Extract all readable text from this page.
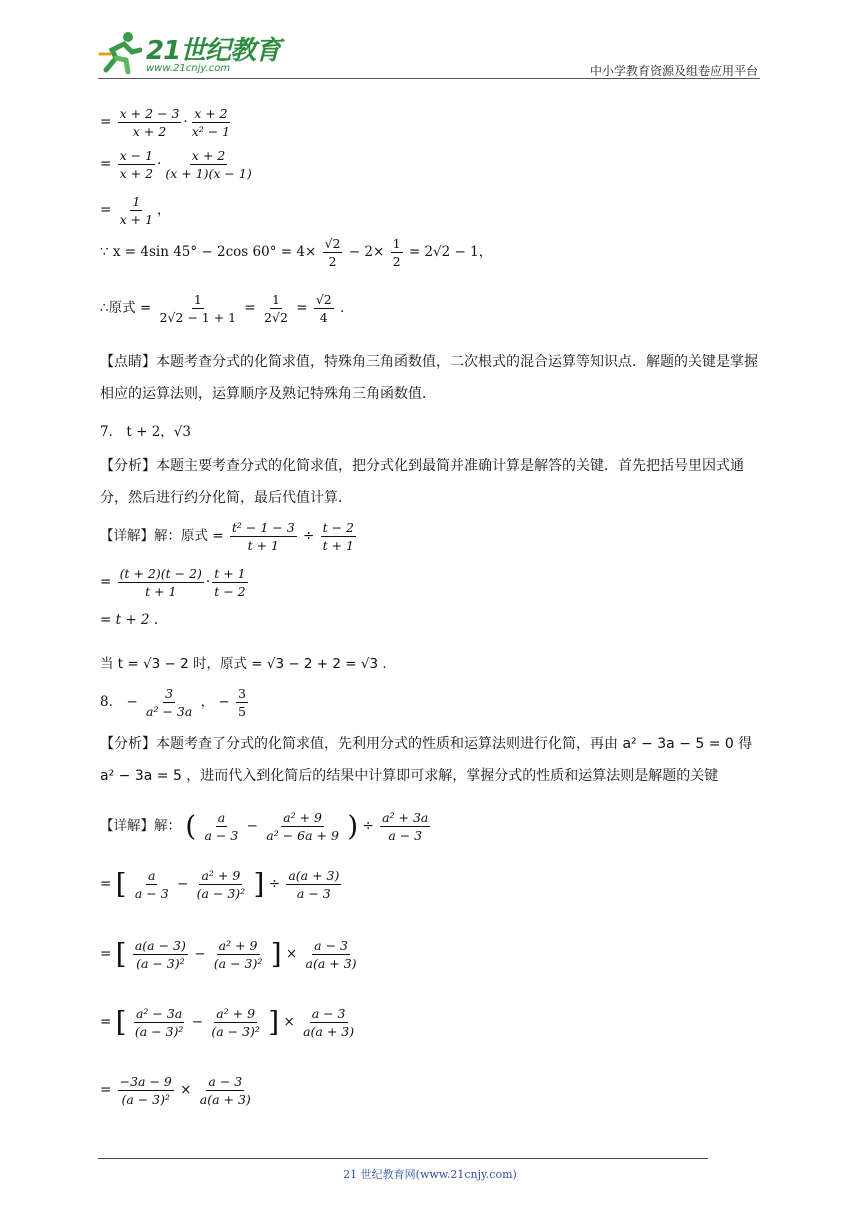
21世纪教育
www.21cnjy.com	中小学教育资源及组卷应用平台
= $\frac{x + 2 - 3}{x + 2} \cdot \frac{x + 2}{\text{x² − 1}}$
= $\frac{x - 1}{x + 2} \cdot \frac{x + 2}{(x + 1)(x - 1)}$
= $\frac{1}{x + 1}$ ，
∵ x = 4sin 45° − 2cos $60^\circ = 4\times \frac{√2}{2} - 2\times \frac{1}{2} = 2√2 - 1$，
∴原式 = $\frac{1}{2√2 - 1 + 1} = \frac{1}{2√2} = \frac{√2}{4}$ .
【点睛】本题考查分式的化简求值，特殊角三角函数值，二次根式的混合运算等知识点．解题的关键是掌握相应的运算法则，运算顺序及熟记特殊角三角函数值．
7． t + 2，√3
【分析】本题主要考查分式的化简求值，把分式化到最简并准确计算是解答的关键．首先把括号里因式通分，然后进行约分化简，最后代值计算．
【详解】解：原式 = $\frac{\text{t² − 1 − 3}}{t + 1} \div \frac{t - 2}{t + 1}$
= $\frac{(t + 2)(t - 2)}{t + 1} \cdot \frac{t + 1}{t - 2}$
= t + 2 .
当 t = √3 − 2 时，原式 = √3 − 2 + 2 = √3 .
8． − $\frac{3}{\text{a² − 3a}}$ ， − $\frac{3}{5}$
【分析】本题考查了分式的化简求值，先利用分式的性质和运算法则进行化简，再由 a² − 3a − 5 = 0 得 a² − 3a = 5 ，进而代入到化简后的结果中计算即可求解，掌握分式的性质和运算法则是解题的关键
【详解】解： ( $\frac{a}{a - 3} - \frac{\text{a² + 9}}{\text{a² − 6a + 9}}$ ) ÷ $\frac{\text{a² + 3a}}{a - 3}$
= [ $\frac{a}{a - 3} - \frac{\text{a² + 9}}{\text{(a − 3)²}}$ ] ÷ $\frac{a(a + 3)}{a - 3}$
= [ $\frac{a(a - 3)}{\text{(a − 3)²}} - \frac{\text{a² + 9}}{\text{(a − 3)²}}$ ] × $\frac{a - 3}{a(a + 3)}$
= [ $\frac{\text{a² − 3a}}{\text{(a − 3)²}} - \frac{\text{a² + 9}}{\text{(a − 3)²}}$ ] × $\frac{a - 3}{a(a + 3)}$
= $\frac{-3a - 9}{\text{(a − 3)²}} \times \frac{a - 3}{a(a + 3)}$
21 世纪教育网(www.21cnjy.com)
